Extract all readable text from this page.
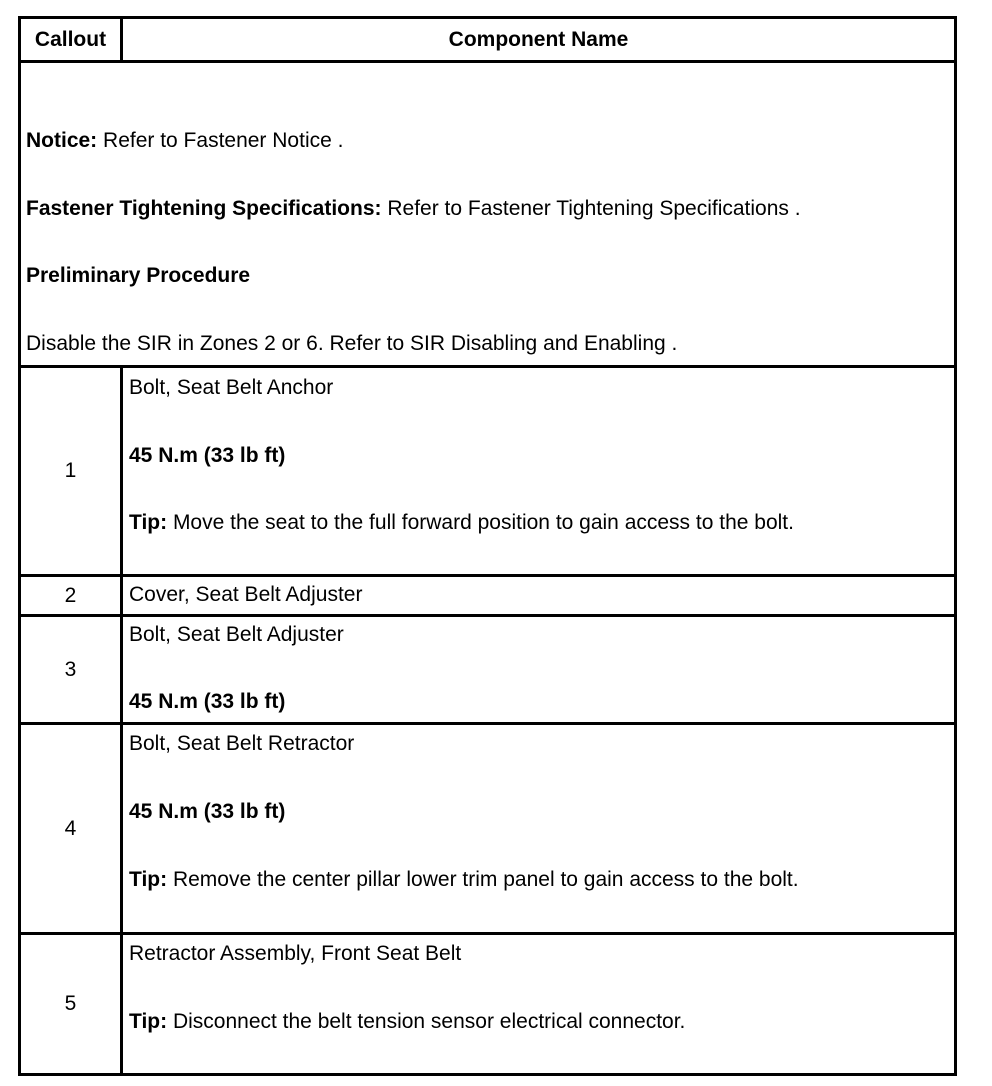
Callout	Component Name
Notice: Refer to Fastener Notice .
Fastener Tightening Specifications: Refer to Fastener Tightening Specifications .
Preliminary Procedure
Disable the SIR in Zones 2 or 6. Refer to SIR Disabling and Enabling .
1
Bolt, Seat Belt Anchor
45 N.m (33 lb ft)
Tip: Move the seat to the full forward position to gain access to the bolt.
2	Cover, Seat Belt Adjuster
3
Bolt, Seat Belt Adjuster
45 N.m (33 lb ft)
4
Bolt, Seat Belt Retractor
45 N.m (33 lb ft)
Tip: Remove the center pillar lower trim panel to gain access to the bolt.
5
Retractor Assembly, Front Seat Belt
Tip: Disconnect the belt tension sensor electrical connector.
